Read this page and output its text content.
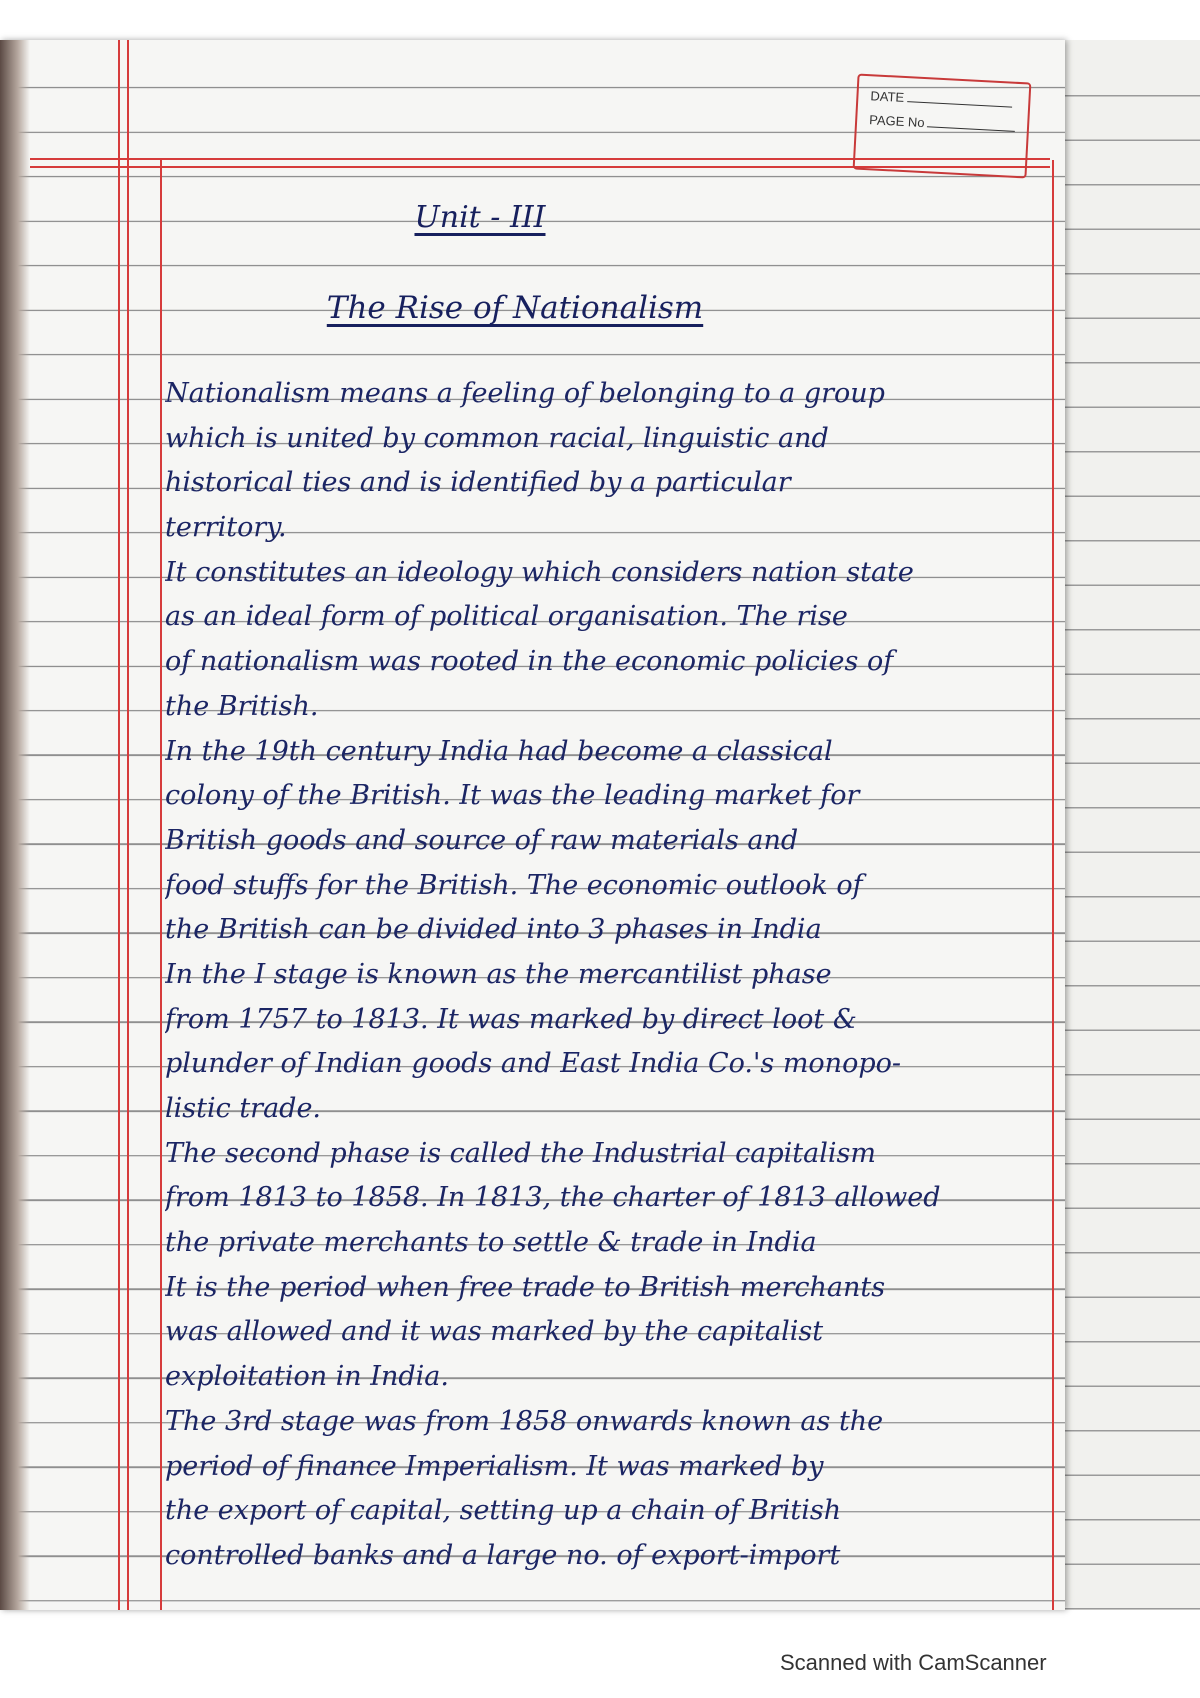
DATE
PAGE No
Unit - III
The Rise of Nationalism
Nationalism means a feeling of belonging to a group
which is united by common racial, linguistic and
historical ties and is identified by a particular
territory.
It constitutes an ideology which considers nation state
as an ideal form of political organisation. The rise
of nationalism was rooted in the economic policies of
the British.
In the 19th century India had become a classical
colony of the British. It was the leading market for
British goods and source of raw materials and
food stuffs for the British. The economic outlook of
the British can be divided into 3 phases in India
In the I stage is known as the mercantilist phase
from 1757 to 1813. It was marked by direct loot &
plunder of Indian goods and East India Co.'s monopo-
listic trade.
The second phase is called the Industrial capitalism
from 1813 to 1858. In 1813, the charter of 1813 allowed
the private merchants to settle & trade in India
It is the period when free trade to British merchants
was allowed and it was marked by the capitalist
exploitation in India.
The 3rd stage was from 1858 onwards known as the
period of finance Imperialism. It was marked by
the export of capital, setting up a chain of British
controlled banks and a large no. of export-import
Scanned with CamScanner
